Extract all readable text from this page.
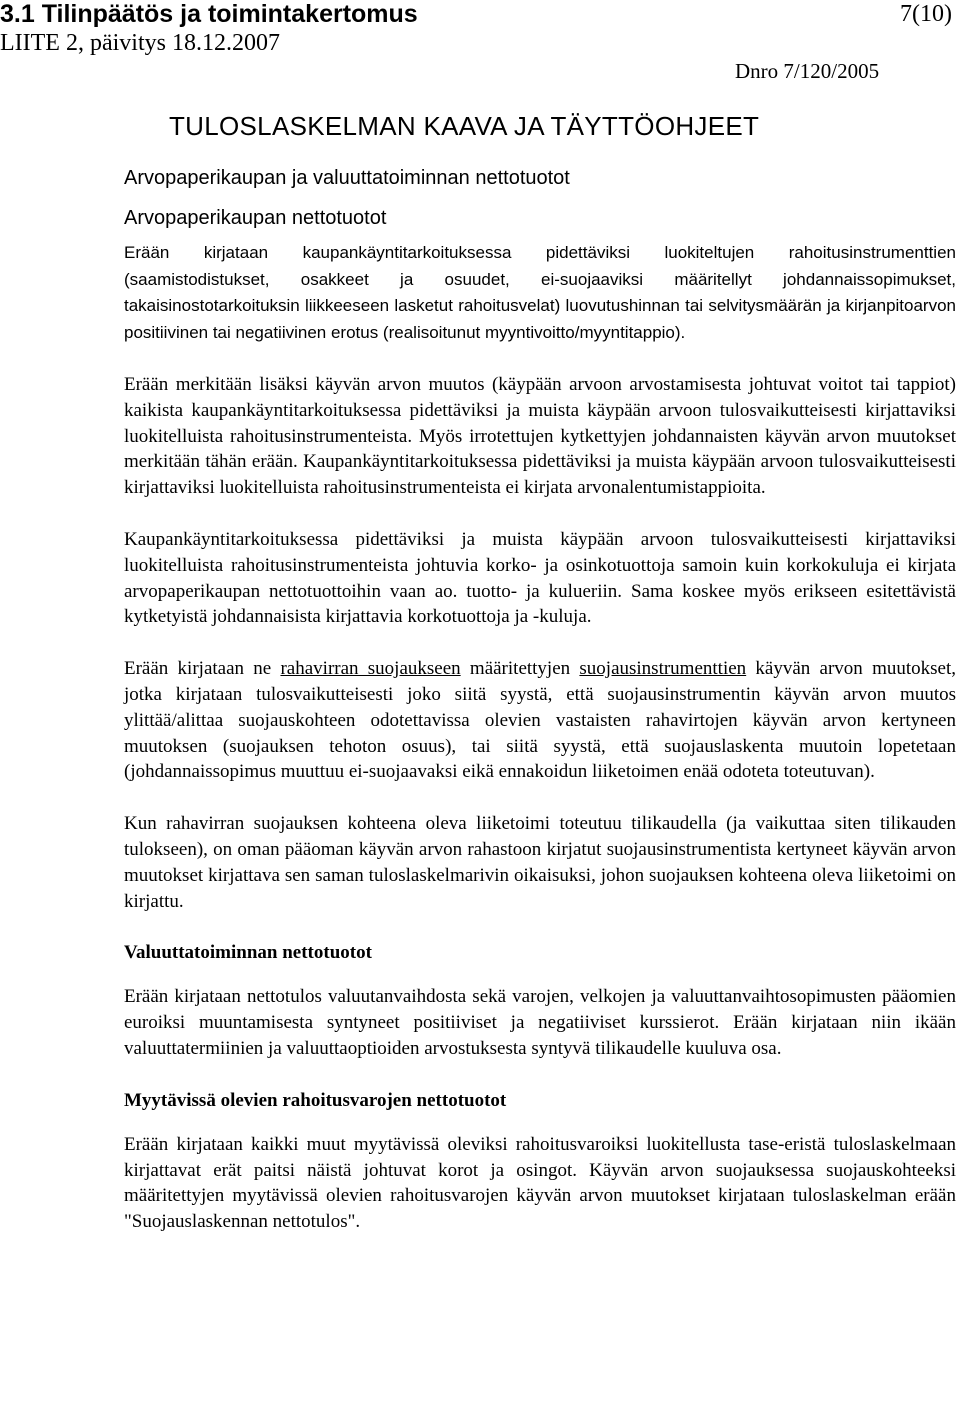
3.1 Tilinpäätös ja toimintakertomus
LIITE 2, päivitys 18.12.2007
7(10)
Dnro 7/120/2005
TULOSLASKELMAN KAAVA JA TÄYTTÖOHJEET
Arvopaperikaupan ja valuuttatoiminnan nettotuotot
Arvopaperikaupan nettotuotot

Erään kirjataan kaupankäyntitarkoituksessa pidettäviksi luokiteltujen rahoitusinstrumenttien (saamistodistukset, osakkeet ja osuudet, ei-suojaaviksi määritellyt johdannaissopimukset, takaisinostotarkoituksin liikkeeseen lasketut rahoitusvelat) luovutushinnan tai selvitysmäärän ja kirjanpitoarvon positiivinen tai negatiivinen erotus (realisoitunut myyntivoitto/myyntitappio).

Erään merkitään lisäksi käyvän arvon muutos (käypään arvoon arvostamisesta johtuvat voitot tai tappiot) kaikista kaupankäyntitarkoituksessa pidettäviksi ja muista käypään arvoon tulosvaikutteisesti kirjattaviksi luokitelluista rahoitusinstrumenteista. Myös irrotettujen kytkettyjen johdannaisten käyvän arvon muutokset merkitään tähän erään. Kaupankäyntitarkoituksessa pidettäviksi ja muista käypään arvoon tulosvaikutteisesti kirjattaviksi luokitelluista rahoitusinstrumenteista ei kirjata arvonalentumistappioita.

Kaupankäyntitarkoituksessa pidettäviksi ja muista käypään arvoon tulosvaikutteisesti kirjattaviksi luokitelluista rahoitusinstrumenteista johtuvia korko- ja osinkotuottoja samoin kuin korkokuluja ei kirjata arvopaperikaupan nettotuottoihin vaan ao. tuotto- ja kulueriin. Sama koskee myös erikseen esitettävistä kytketyistä johdannaisista kirjattavia korkotuottoja ja -kuluja.

Erään kirjataan ne rahavirran suojaukseen määritettyjen suojausinstrumenttien käyvän arvon muutokset, jotka kirjataan tulosvaikutteisesti joko siitä syystä, että suojausinstrumentin käyvän arvon muutos ylittää/alittaa suojauskohteen odotettavissa olevien vastaisten rahavirtojen käyvän arvon kertyneen muutoksen (suojauksen tehoton osuus), tai siitä syystä, että suojauslaskenta muutoin lopetetaan (johdannaissopimus muuttuu ei-suojaavaksi eikä ennakoidun liiketoimen enää odoteta toteutuvan).

Kun rahavirran suojauksen kohteena oleva liiketoimi toteutuu tilikaudella (ja vaikuttaa siten tilikauden tulokseen), on oman pääoman käyvän arvon rahastoon kirjatut suojausinstrumentista kertyneet käyvän arvon muutokset kirjattava sen saman tuloslaskelmarivin oikaisuksi, johon suojauksen kohteena oleva liiketoimi on kirjattu.

Valuuttatoiminnan nettotuotot

Erään kirjataan nettotulos valuutanvaihdosta sekä varojen, velkojen ja valuuttanvaihtosopimusten pääomien euroiksi muuntamisesta syntyneet positiiviset ja negatiiviset kurssierot. Erään kirjataan niin ikään valuuttatermiinien ja valuuttaoptioiden arvostuksesta syntyvä tilikaudelle kuuluva osa.

Myytävissä olevien rahoitusvarojen nettotuotot

Erään kirjataan kaikki muut myytävissä oleviksi rahoitusvaroiksi luokitellusta tase-eristä tuloslaskelmaan kirjattavat erät paitsi näistä johtuvat korot ja osingot. Käyvän arvon suojauksessa suojauskohteeksi määritettyjen myytävissä olevien rahoitusvarojen käyvän arvon muutokset kirjataan tuloslaskelman erään "Suojauslaskennan nettotulos".
